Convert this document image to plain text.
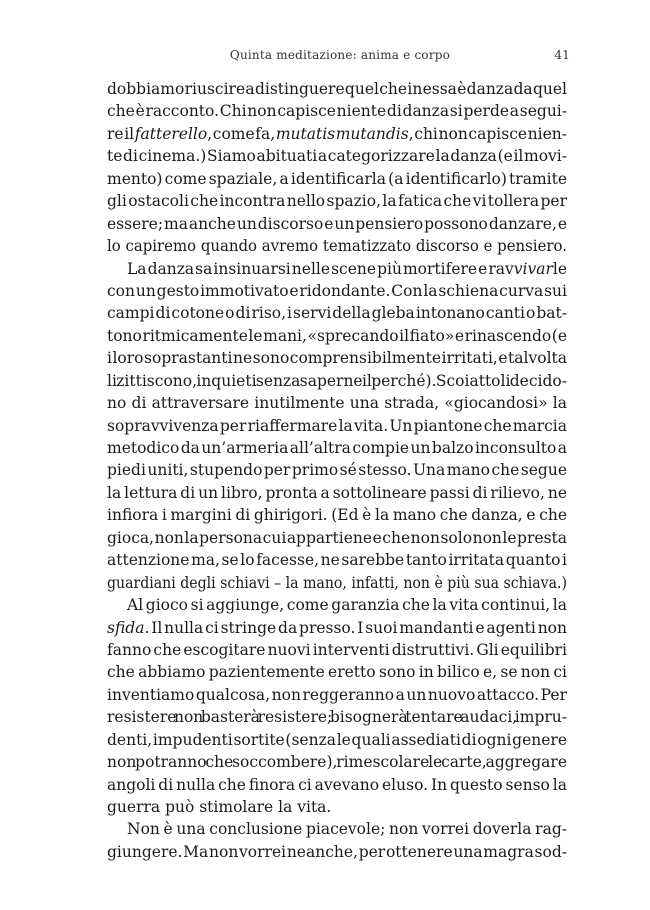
Quinta meditazione: anima e corpo	41
dobbiamo riuscire a distinguere quel che in essa è danza da quel
che è racconto. Chi non capisce niente di danza si perde a segui-
re il fatterello, come fa, mutatis mutandis, chi non capisce nien-
te di cinema.) Siamo abituati a categorizzare la danza (e il movi-
mento) come spaziale, a identificarla (a identificarlo) tramite
gli ostacoli che incontra nello spazio, la fatica che vi tollera per
essere; ma anche un discorso e un pensiero possono danzare, e
lo capiremo quando avremo tematizzato discorso e pensiero.
La danza sa insinuarsi nelle scene più mortifere e ravvivarle
con un gesto immotivato e ridondante. Con la schiena curva sui
campi di cotone o di riso, i servi della gleba intonano canti o bat-
tono ritmicamente le mani, «sprecando il fiato» e rinascendo (e
i loro soprastanti ne sono comprensibilmente irritati, e talvolta
li zittiscono, inquieti senza saperne il perché). Scoiattoli decido-
no di attraversare inutilmente una strada, «giocandosi» la
sopravvivenza per riaffermare la vita. Un piantone che marcia
metodico da un’armeria all’altra compie un balzo inconsulto a
piedi uniti, stupendo per primo sé stesso. Una mano che segue
la lettura di un libro, pronta a sottolineare passi di rilievo, ne
infiora i margini di ghirigori. (Ed è la mano che danza, e che
gioca, non la persona cui appartiene e che non solo non le presta
attenzione ma, se lo facesse, ne sarebbe tanto irritata quanto i
guardiani degli schiavi – la mano, infatti, non è più sua schiava.)
Al gioco si aggiunge, come garanzia che la vita continui, la
sfida. Il nulla ci stringe da presso. I suoi mandanti e agenti non
fanno che escogitare nuovi interventi distruttivi. Gli equilibri
che abbiamo pazientemente eretto sono in bilico e, se non ci
inventiamo qualcosa, non reggeranno a un nuovo attacco. Per
resistere non basterà resistere; bisognerà tentare audaci, impru-
denti, impudenti sortite (senza le quali assediati di ogni genere
non potranno che soccombere), rimescolare le carte, aggregare
angoli di nulla che finora ci avevano eluso. In questo senso la
guerra può stimolare la vita.
Non è una conclusione piacevole; non vorrei doverla rag-
giungere. Ma non vorrei neanche, per ottenere una magra sod-
